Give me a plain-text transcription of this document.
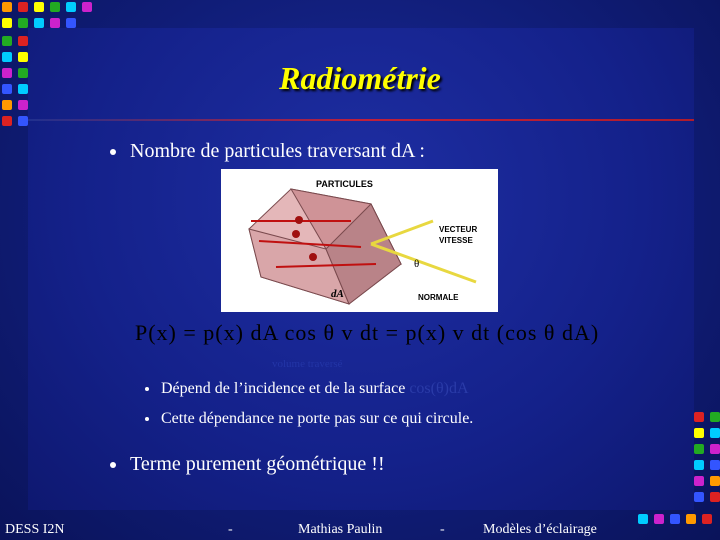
Radiométrie
Nombre de particules traversant dA :
PARTICULES
VECTEUR
VITESSE
θ
dA	NORMALE
P(x) = p(x) dA cos θ v dt = p(x) v dt (cos θ dA)
volume traversé
Dépend de l’incidence et de la surface cos(θ)dA
Cette dépendance ne porte pas sur ce qui circule.
Terme purement géométrique !!
DESS I2N	-	Mathias Paulin	-	Modèles d’éclairage
